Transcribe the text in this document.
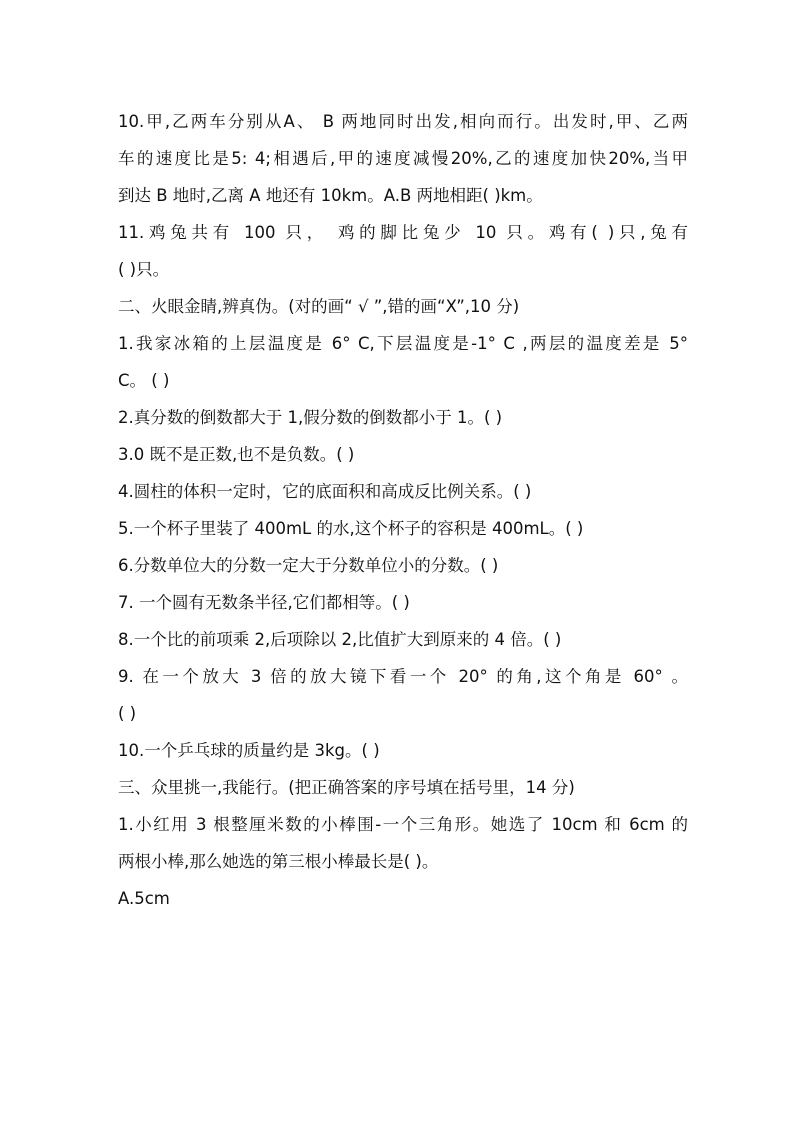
10.甲,乙两车分别从A、 B 两地同时出发,相向而行。出发时,甲、乙两
车的速度比是5: 4;相遇后,甲的速度减慢20%,乙的速度加快20%,当甲
到达 B 地时,乙离 A 地还有 10km。A.B 两地相距( )km。
11.鸡兔共有 100 只， 鸡的脚比兔少 10 只。鸡有( )只,兔有
( )只。
二、火眼金睛,辨真伪。(对的画“ √ ”,错的画“X”,10 分)
1.我家冰箱的上层温度是 6° C,下层温度是-1° C ,两层的温度差是 5°
C。 ( )
2.真分数的倒数都大于 1,假分数的倒数都小于 1。( )
3.0 既不是正数,也不是负数。( )
4.圆柱的体积一定时，它的底面积和高成反比例关系。( )
5.一个杯子里装了 400mL 的水,这个杯子的容积是 400mL。( )
6.分数单位大的分数一定大于分数单位小的分数。( )
7. 一个圆有无数条半径,它们都相等。( )
8.一个比的前项乘 2,后项除以 2,比值扩大到原来的 4 倍。( )
9. 在一个放大 3 倍的放大镜下看一个 20° 的角,这个角是 60° 。
( )
10.一个乒乓球的质量约是 3kg。( )
三、众里挑一,我能行。(把正确答案的序号填在括号里，14 分)
1.小红用 3 根整厘米数的小棒围-一个三角形。她选了 10cm 和 6cm 的
两根小棒,那么她选的第三根小棒最长是( )。
A.5cm
